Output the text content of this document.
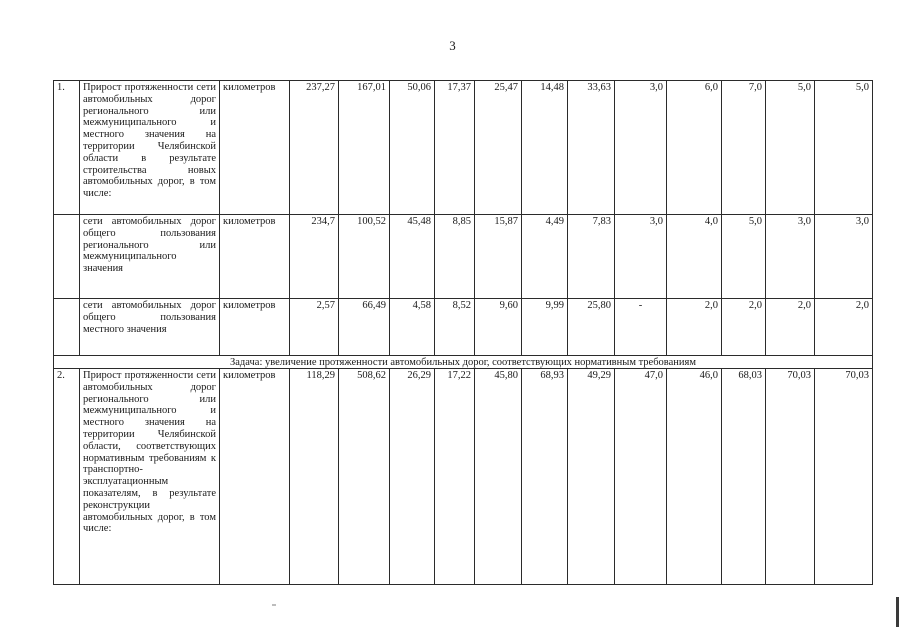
3
1.	Прирост протяженности сети автомобильных дорог регионального или межмуниципального и местного значения на территории Челябинской области в результате строительства новых автомобильных дорог, в том числе:	километров	237,27	167,01	50,06	17,37	25,47	14,48	33,63	3,0	6,0	7,0	5,0	5,0
	сети автомобильных дорог общего пользования регионального или межмуниципального значения	километров	234,7	100,52	45,48	8,85	15,87	4,49	7,83	3,0	4,0	5,0	3,0	3,0
	сети автомобильных дорог общего пользования местного значения	километров	2,57	66,49	4,58	8,52	9,60	9,99	25,80	-	2,0	2,0	2,0	2,0
Задача: увеличение протяженности автомобильных дорог, соответствующих нормативным требованиям														
2.	Прирост протяженности сети автомобильных дорог регионального или межмуниципального и местного значения на территории Челябинской области, соответствующих нормативным требованиям к транспортно-эксплуатационным показателям, в результате реконструкции автомобильных дорог, в том числе:	километров	118,29	508,62	26,29	17,22	45,80	68,93	49,29	47,0	46,0	68,03	70,03	70,03
